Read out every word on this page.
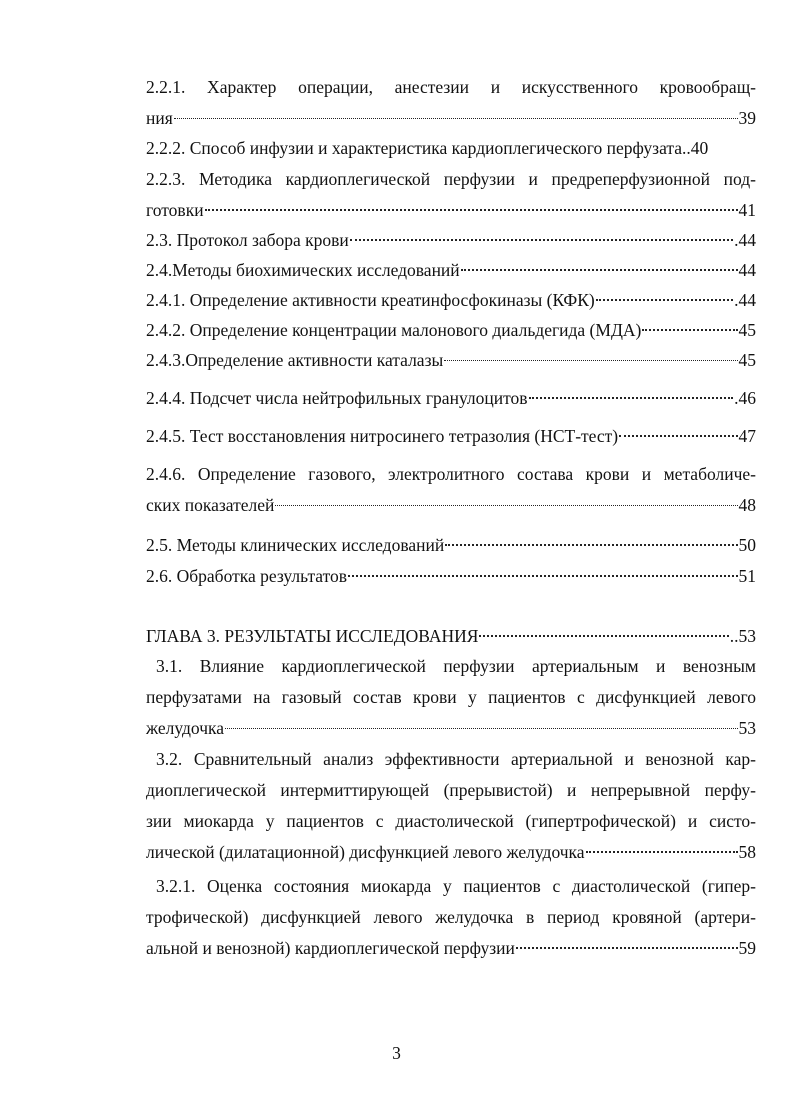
2.2.1. Характер операции, анестезии и искусственного кровообращ-
ния	39
2.2.2. Способ инфузии и характеристика кардиоплегического перфузата ..40
2.2.3. Методика кардиоплегической перфузии и предреперфузионной под-
готовки	41
2.3. Протокол забора крови	.44
2.4.Методы биохимических исследований	44
2.4.1. Определение активности креатинфосфокиназы (КФК)	.44
2.4.2. Определение концентрации малонового диальдегида (МДА)	45
2.4.3.Определение активности каталазы	45
2.4.4. Подсчет числа нейтрофильных гранулоцитов	.46
2.4.5. Тест восстановления нитросинего тетразолия (НСТ-тест)	47
2.4.6. Определение газового, электролитного состава крови и метаболиче-
ских показателей	48
2.5. Методы клинических исследований	50
2.6. Обработка результатов	51
ГЛАВА 3. РЕЗУЛЬТАТЫ ИССЛЕДОВАНИЯ	..53
3.1. Влияние кардиоплегической перфузии артериальным и венозным
перфузатами на газовый состав крови у пациентов с дисфункцией левого
желудочка	53
3.2. Сравнительный анализ эффективности артериальной и венозной кар-
диоплегической интермиттирующей (прерывистой) и непрерывной перфу-
зии миокарда у пациентов с диастолической (гипертрофической) и систо-
лической (дилатационной) дисфункцией левого желудочка	58
3.2.1. Оценка состояния миокарда у пациентов с диастолической (гипер-
трофической) дисфункцией левого желудочка в период кровяной (артери-
альной и венозной) кардиоплегической перфузии	59
3
